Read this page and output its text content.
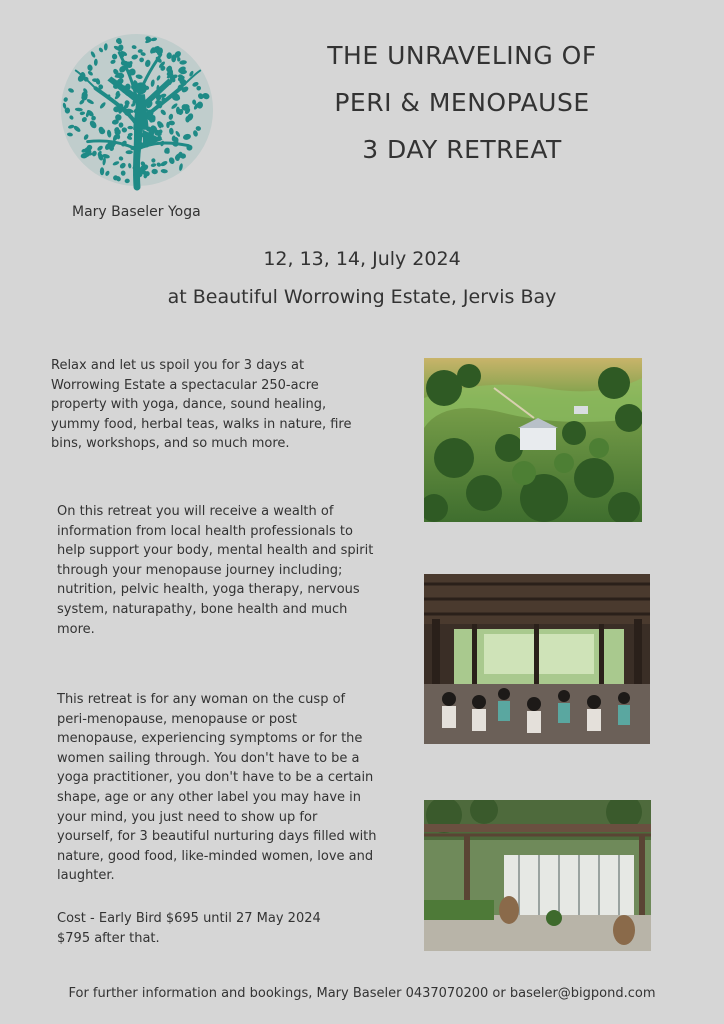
Mary Baseler Yoga
THE UNRAVELING OF
PERI & MENOPAUSE
3 DAY RETREAT
12, 13, 14, July 2024
at Beautiful Worrowing Estate, Jervis Bay
Relax and let us spoil you for 3 days at Worrowing Estate a spectacular 250-acre property with yoga, dance, sound healing, yummy food, herbal teas, walks in nature, fire bins, workshops, and so much more.
On this retreat you will receive a wealth of information from local health professionals to help support your body, mental health and spirit through your menopause journey including; nutrition, pelvic health, yoga therapy, nervous system, naturapathy, bone health and much more.
This retreat is for any woman on the cusp of peri-menopause, menopause or post menopause, experiencing symptoms or for the women sailing through. You don't have to be a yoga practitioner, you don't have to be a certain shape, age or any other label you may have in your mind, you just need to show up for yourself, for 3 beautiful nurturing days filled with nature, good food, like-minded women, love and laughter.
Cost - Early Bird $695 until 27 May 2024
$795 after that.
For further information and bookings, Mary Baseler 0437070200 or baseler@bigpond.com
